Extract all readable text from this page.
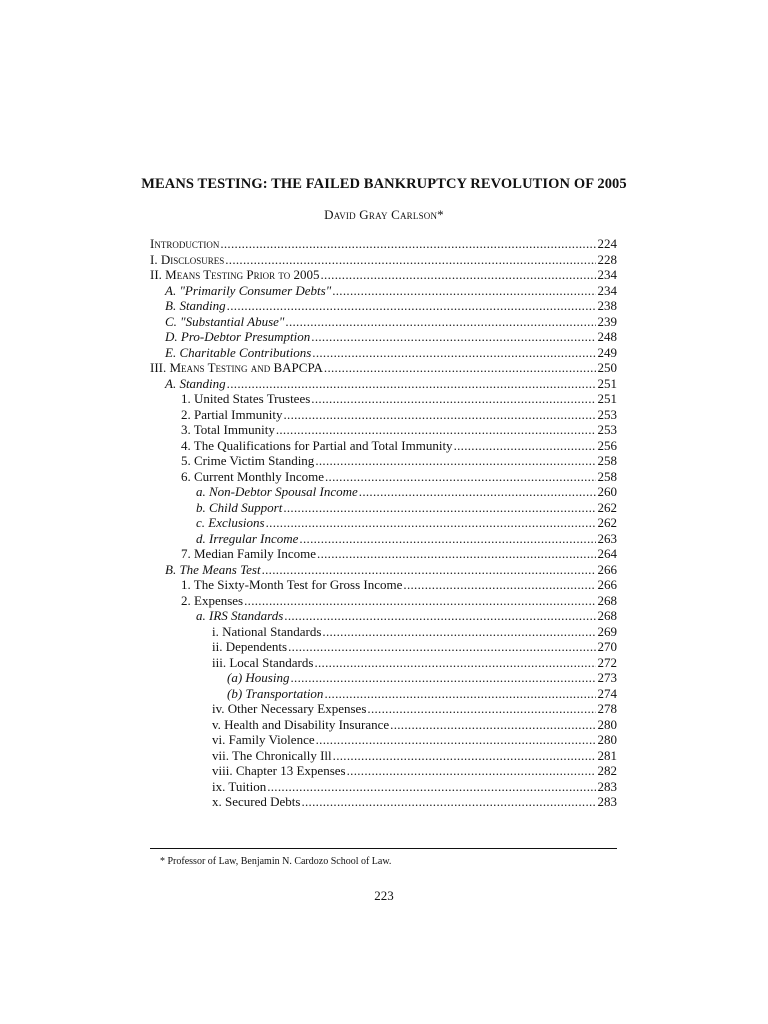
MEANS TESTING: THE FAILED BANKRUPTCY REVOLUTION OF 2005
David Gray Carlson*
Introduction .....	224
I. Disclosures .....	228
II. Means Testing Prior to 2005 .....	234
A. "Primarily Consumer Debts" .....	234
B. Standing .....	238
C. "Substantial Abuse" .....	239
D. Pro-Debtor Presumption .....	248
E. Charitable Contributions .....	249
III. Means Testing and BAPCPA .....	250
A. Standing .....	251
1. United States Trustees .....	251
2. Partial Immunity .....	253
3. Total Immunity .....	253
4. The Qualifications for Partial and Total Immunity .....	256
5. Crime Victim Standing .....	258
6. Current Monthly Income .....	258
a. Non-Debtor Spousal Income .....	260
b. Child Support .....	262
c. Exclusions .....	262
d. Irregular Income .....	263
7. Median Family Income .....	264
B. The Means Test .....	266
1. The Sixty-Month Test for Gross Income .....	266
2. Expenses .....	268
a. IRS Standards .....	268
i. National Standards .....	269
ii. Dependents .....	270
iii. Local Standards .....	272
(a) Housing .....	273
(b) Transportation .....	274
iv. Other Necessary Expenses .....	278
v. Health and Disability Insurance .....	280
vi. Family Violence .....	280
vii. The Chronically Ill .....	281
viii. Chapter 13 Expenses .....	282
ix. Tuition .....	283
x. Secured Debts .....	283
* Professor of Law, Benjamin N. Cardozo School of Law.
223
